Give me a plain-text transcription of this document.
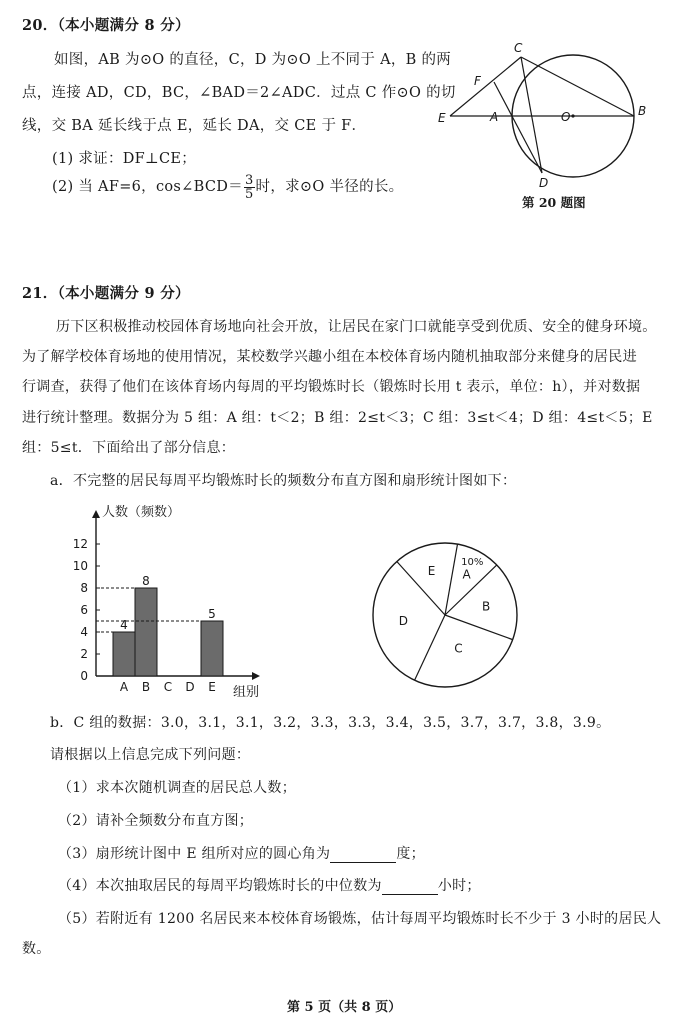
20．（本小题满分 8 分）
如图，AB 为⊙O 的直径，C，D 为⊙O 上不同于 A，B 的两
点，连接 AD，CD，BC，∠BAD＝2∠ADC．过点 C 作⊙O 的切
线，交 BA 延长线于点 E，延长 DA，交 CE 于 F．
(1) 求证：DF⊥CE；
(2) 当 AF=6，cos∠BCD＝ $\frac{3}{5}$ 时，求⊙O 半径的长。
C
F
E	A	O	B
D
第 20 题图
21．（本小题满分 9 分）
历下区积极推动校园体育场地向社会开放，让居民在家门口就能享受到优质、安全的健身环境。
为了解学校体育场地的使用情况，某校数学兴趣小组在本校体育场内随机抽取部分来健身的居民进
行调查，获得了他们在该体育场内每周的平均锻炼时长（锻炼时长用 t 表示，单位：h），并对数据
进行统计整理。数据分为 5 组：A 组：t＜2；B 组：2≤t＜3；C 组：3≤t＜4；D 组：4≤t＜5；E
组：5≤t．下面给出了部分信息：
a．不完整的居民每周平均锻炼时长的频数分布直方图和扇形统计图如下：
人数（频数）
组别
0
2
4
6
8
10
12
A
4
B
8
C D E
5
A
B
C
D
E
10%
b．C 组的数据：3.0，3.1，3.1，3.2，3.3，3.3，3.4，3.5，3.7，3.7，3.8，3.9。
请根据以上信息完成下列问题：
（1）求本次随机调查的居民总人数；
（2）请补全频数分布直方图；
（3）扇形统计图中 E 组所对应的圆心角为	度；
（4）本次抽取居民的每周平均锻炼时长的中位数为	小时；
（5）若附近有 1200 名居民来本校体育场锻炼，估计每周平均锻炼时长不少于 3 小时的居民人
数。
第 5 页（共 8 页）
